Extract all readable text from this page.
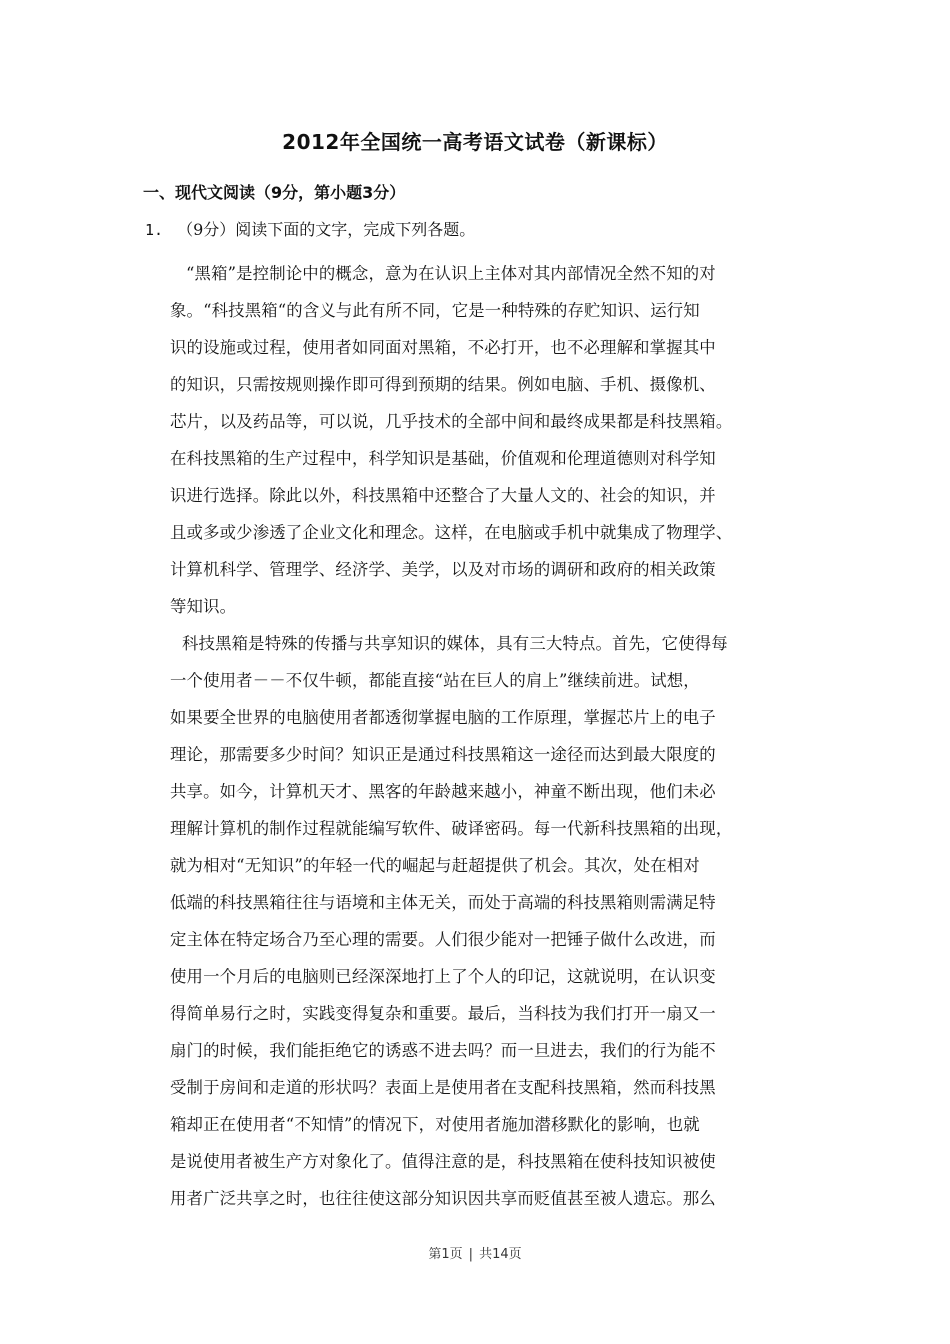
2012年全国统一高考语文试卷（新课标）
一、现代文阅读（9分，第小题3分）
1. （9分）阅读下面的文字，完成下列各题。
“黑箱”是控制论中的概念，意为在认识上主体对其内部情况全然不知的对
象。“科技黑箱“的含义与此有所不同，它是一种特殊的存贮知识、运行知
识的设施或过程，使用者如同面对黑箱，不必打开，也不必理解和掌握其中
的知识，只需按规则操作即可得到预期的结果。例如电脑、手机、摄像机、
芯片，以及药品等，可以说，几乎技术的全部中间和最终成果都是科技黑箱。
在科技黑箱的生产过程中，科学知识是基础，价值观和伦理道德则对科学知
识进行选择。除此以外，科技黑箱中还整合了大量人文的、社会的知识，并
且或多或少渗透了企业文化和理念。这样，在电脑或手机中就集成了物理学、
计算机科学、管理学、经济学、美学，以及对市场的调研和政府的相关政策
等知识。
科技黑箱是特殊的传播与共享知识的媒体，具有三大特点。首先，它使得每
一个使用者－－不仅牛顿，都能直接“站在巨人的肩上”继续前进。试想，
如果要全世界的电脑使用者都透彻掌握电脑的工作原理，掌握芯片上的电子
理论，那需要多少时间？知识正是通过科技黑箱这一途径而达到最大限度的
共享。如今，计算机天才、黑客的年龄越来越小，神童不断出现，他们未必
理解计算机的制作过程就能编写软件、破译密码。每一代新科技黑箱的出现，
就为相对“无知识”的年轻一代的崛起与赶超提供了机会。其次，处在相对
低端的科技黑箱往往与语境和主体无关，而处于高端的科技黑箱则需满足特
定主体在特定场合乃至心理的需要。人们很少能对一把锤子做什么改进，而
使用一个月后的电脑则已经深深地打上了个人的印记，这就说明，在认识变
得简单易行之时，实践变得复杂和重要。最后，当科技为我们打开一扇又一
扇门的时候，我们能拒绝它的诱惑不进去吗？而一旦进去，我们的行为能不
受制于房间和走道的形状吗？表面上是使用者在支配科技黑箱，然而科技黑
箱却正在使用者“不知情”的情况下，对使用者施加潜移默化的影响，也就
是说使用者被生产方对象化了。值得注意的是，科技黑箱在使科技知识被使
用者广泛共享之时，也往往使这部分知识因共享而贬值甚至被人遗忘。那么
第1页 | 共14页
